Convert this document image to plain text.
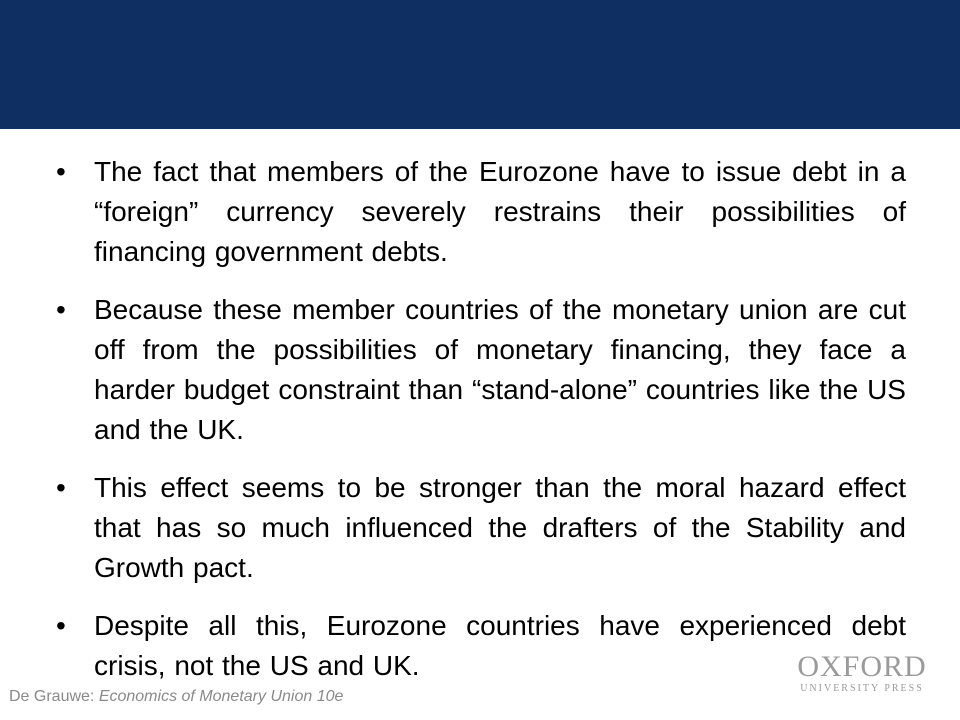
•	The fact that members of the Eurozone have to issue debt in a “foreign” currency severely restrains their possibilities of financing government debts.
•	Because these member countries of the monetary union are cut off from the possibilities of monetary financing, they face a harder budget constraint than “stand-alone” countries like the US and the UK.
•	This effect seems to be stronger than the moral hazard effect that has so much influenced the drafters of the Stability and Growth pact.
•	Despite all this, Eurozone countries have experienced debt crisis, not the US and UK.
De Grauwe: Economics of Monetary Union 10e
OXFORD
UNIVERSITY PRESS
